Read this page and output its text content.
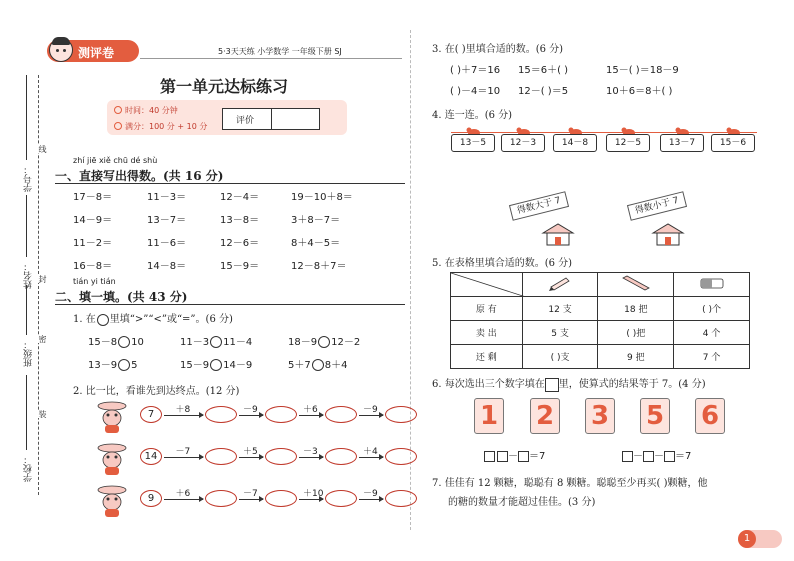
学号：
姓名：
班级：
学校：
线
封
密
装
测评卷	5·3天天练 小学数学 一年级下册 SJ
第一单元达标练习
时间：40 分钟
满分：100 分 + 10 分
评价
zhí jiē xiě chū dé shù
一、直接写出得数。(共 16 分)
17－8＝	11－3＝	12－4＝	19－10＋8＝
14－9＝	13－7＝	13－8＝	3＋8－7＝
11－2＝	11－6＝	12－6＝	8＋4－5＝
16－8＝	14－8＝	15－9＝	12－8＋7＝
tián yi tián
二、填一填。(共 43 分)
1. 在 里填“>”“<”或“=”。(6 分)
15－8 10	11－3 11－4	18－9 12－2
13－9 5	15－9 14－9	5＋7 8＋4
2. 比一比，看谁先到达终点。(12 分)
7	＋8	－9	＋6	－9
14	－7	＋5	－3	＋4
9	＋6	－7	＋10	－9
3. 在( )里填合适的数。(6 分)
( )＋7＝16 15＝6＋( )	15－( )＝18－9
( )－4＝10 12－( )＝5	10＋6＝8＋( )
4. 连一连。(6 分)
13－5	12－3	14－8	12－5	13－7	15－6
得数大于 7	得数小于 7
5. 在表格里填合适的数。(6 分)

原 有	12 支	18 把	( )个
卖 出	5 支	( )把	4 个
还 剩	( )支	9 把	7 个
6. 每次选出三个数字填在 里，使算式的结果等于 7。(4 分)
1 2 3 5 6
－ ＝7	－ － ＝7
7. 佳佳有 12 颗糖，聪聪有 8 颗糖。聪聪至少再买( )颗糖，他
的糖的数量才能超过佳佳。(3 分)
1
